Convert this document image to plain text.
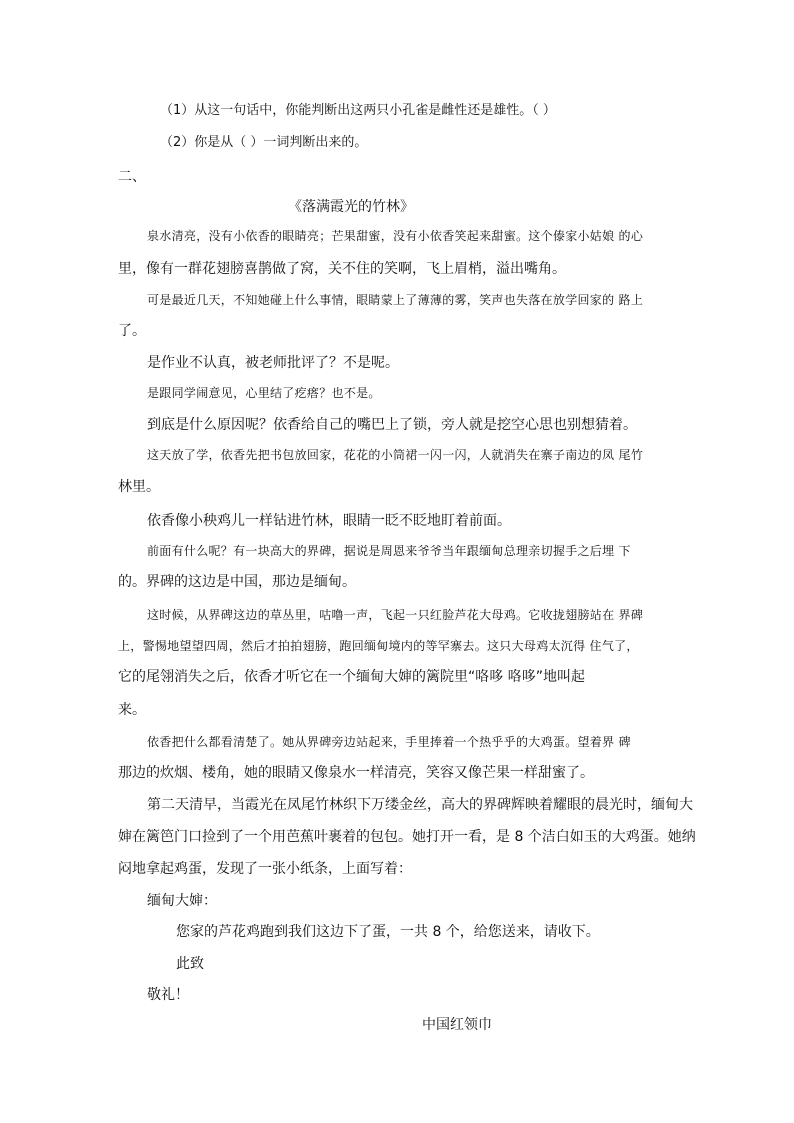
（1）从这一句话中，你能判断出这两只小孔雀是雌性还是雄性。（ ）

（2）你是从（ ）一词判断出来的。

二、

《落满霞光的竹林》

泉水清亮，没有小依香的眼睛亮；芒果甜蜜，没有小依香笑起来甜蜜。这个傣家小姑娘 的心

里，像有一群花翅膀喜鹊做了窝，关不住的笑啊，飞上眉梢，溢出嘴角。

可是最近几天，不知她碰上什么事情，眼睛蒙上了薄薄的雾，笑声也失落在放学回家的 路上

了。

是作业不认真，被老师批评了？不是呢。

是跟同学闹意见，心里结了疙瘩？也不是。

到底是什么原因呢？依香给自己的嘴巴上了锁，旁人就是挖空心思也别想猜着。

这天放了学，依香先把书包放回家，花花的小筒裙一闪一闪，人就消失在寨子南边的凤 尾竹

林里。

依香像小秧鸡儿一样钻进竹林，眼睛一眨不眨地盯着前面。

前面有什么呢？有一块高大的界碑，据说是周恩来爷爷当年跟缅甸总理亲切握手之后埋 下

的。界碑的这边是中国，那边是缅甸。

这时候，从界碑这边的草丛里，咕噜一声，飞起一只红脸芦花大母鸡。它收拢翅膀站在 界碑

上，警惕地望望四周，然后才拍拍翅膀，跑回缅甸境内的等罕寨去。这只大母鸡太沉得 住气了，

它的尾翎消失之后，依香才听它在一个缅甸大婶的篱院里“咯哆 咯哆”地叫起

来。

依香把什么都看清楚了。她从界碑旁边站起来，手里捧着一个热乎乎的大鸡蛋。望着界 碑

那边的炊烟、楼角，她的眼睛又像泉水一样清亮，笑容又像芒果一样甜蜜了。

第二天清早，当霞光在凤尾竹林织下万缕金丝，高大的界碑辉映着耀眼的晨光时，缅甸大

婶在篱笆门口捡到了一个用芭蕉叶裹着的包包。她打开一看，是 8 个洁白如玉的大鸡蛋。她纳

闷地拿起鸡蛋，发现了一张小纸条，上面写着：

缅甸大婶：

您家的芦花鸡跑到我们这边下了蛋，一共 8 个，给您送来，请收下。

此致

敬礼！

中国红领巾
